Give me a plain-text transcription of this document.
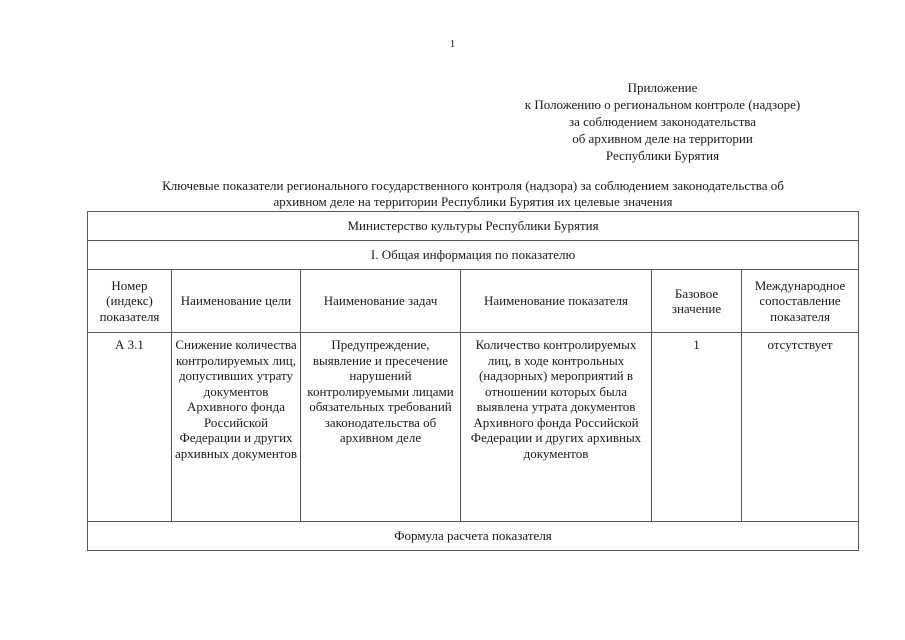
1
Приложение
к Положению о региональном контроле (надзоре)
за соблюдением законодательства
об архивном деле на территории
Республики Бурятия
Ключевые показатели регионального государственного контроля (надзора) за соблюдением законодательства об
архивном деле на территории Республики Бурятия их целевые значения
Министерство культуры Республики Бурятия					
I. Общая информация по показателю					
Номер (индекс) показателя	Наименование цели	Наименование задач	Наименование показателя	Базовое значение	Международное сопоставление показателя
А 3.1	Снижение количества контролируемых лиц, допустивших утрату документов Архивного фонда Российской Федерации и других архивных документов	Предупреждение, выявление и пресечение нарушений контролируемыми лицами обязательных требований законодательства об архивном деле	Количество контролируемых лиц, в ходе контрольных (надзорных) мероприятий в отношении которых была выявлена утрата документов Архивного фонда Российской Федерации и других архивных документов	1	отсутствует
Формула расчета показателя					
